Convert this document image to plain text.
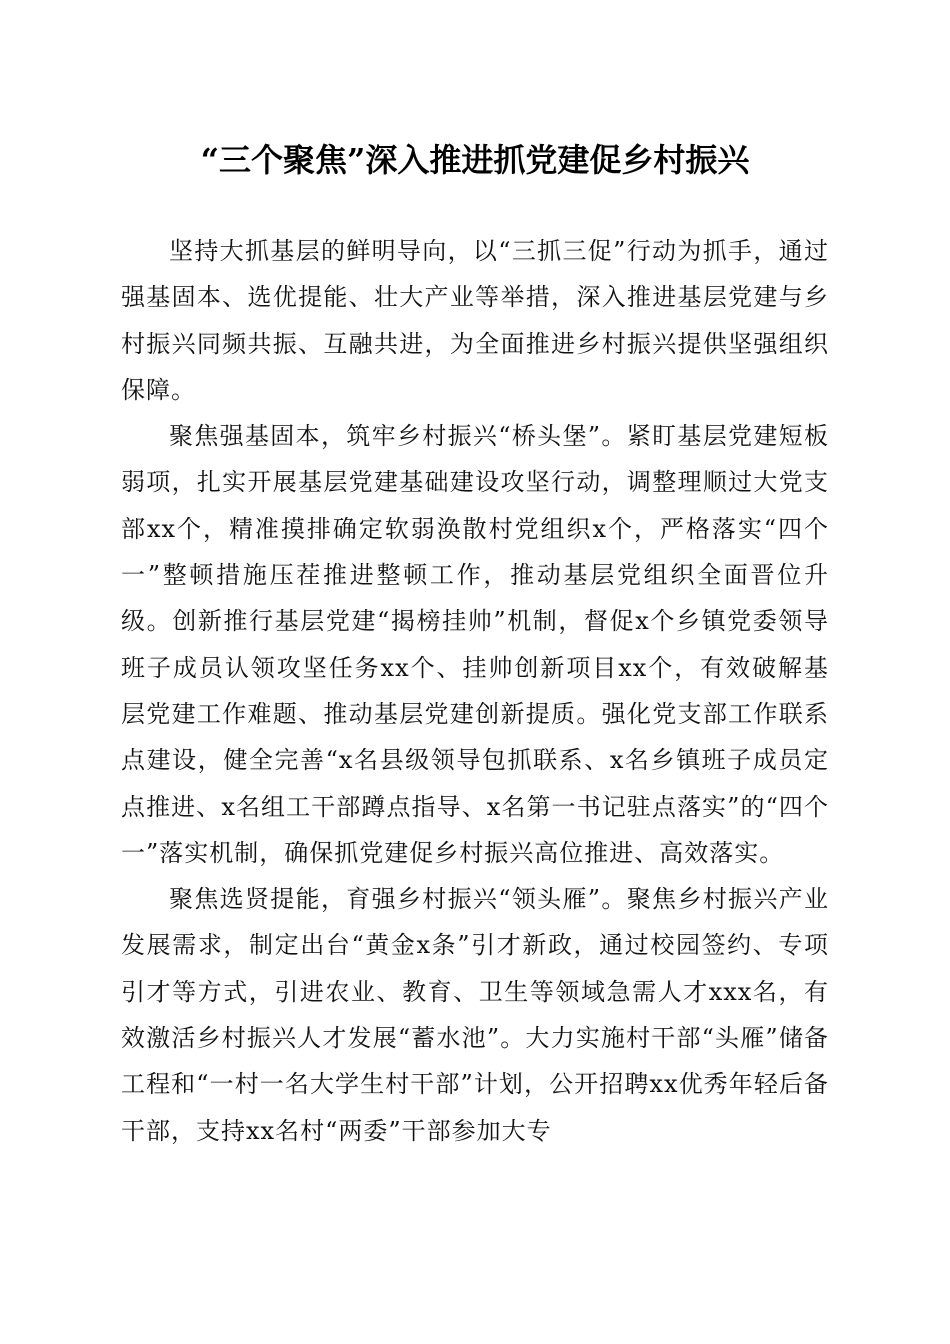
“三个聚焦”深入推进抓党建促乡村振兴

坚持大抓基层的鲜明导向，以“三抓三促”行动为抓手，通过强基固本、选优提能、壮大产业等举措，深入推进基层党建与乡村振兴同频共振、互融共进，为全面推进乡村振兴提供坚强组织保障。

聚焦强基固本，筑牢乡村振兴“桥头堡”。紧盯基层党建短板弱项，扎实开展基层党建基础建设攻坚行动，调整理顺过大党支部xx个，精准摸排确定软弱涣散村党组织x个，严格落实“四个一”整顿措施压茬推进整顿工作，推动基层党组织全面晋位升级。创新推行基层党建“揭榜挂帅”机制，督促x个乡镇党委领导班子成员认领攻坚任务xx个、挂帅创新项目xx个，有效破解基层党建工作难题、推动基层党建创新提质。强化党支部工作联系点建设，健全完善“x名县级领导包抓联系、x名乡镇班子成员定点推进、x名组工干部蹲点指导、x名第一书记驻点落实”的“四个一”落实机制，确保抓党建促乡村振兴高位推进、高效落实。

聚焦选贤提能，育强乡村振兴“领头雁”。聚焦乡村振兴产业发展需求，制定出台“黄金x条”引才新政，通过校园签约、专项引才等方式，引进农业、教育、卫生等领域急需人才xxx名，有效激活乡村振兴人才发展“蓄水池”。大力实施村干部“头雁”储备工程和“一村一名大学生村干部”计划，公开招聘xx优秀年轻后备干部，支持xx名村“两委”干部参加大专
